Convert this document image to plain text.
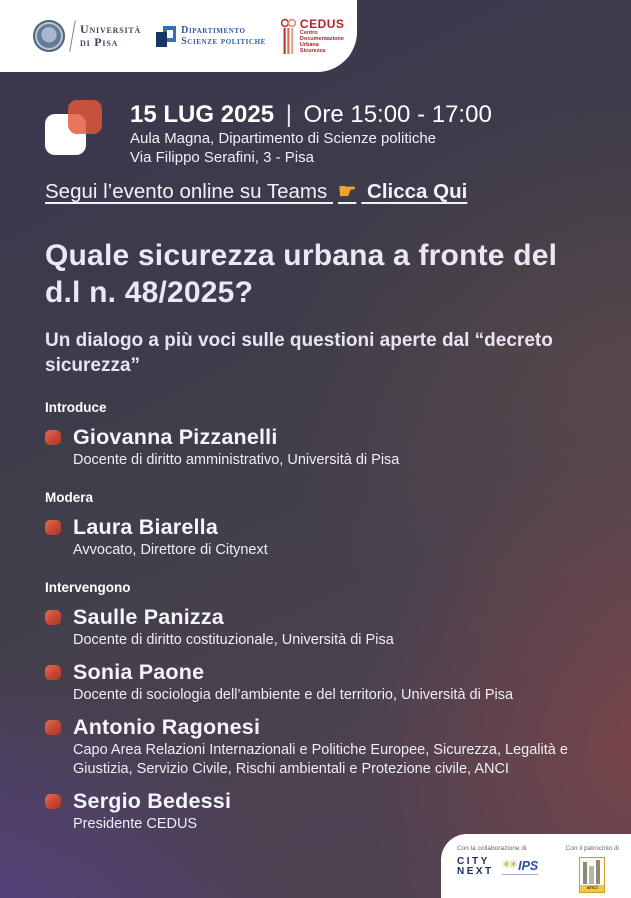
Università
di Pisa
Dipartimento
Scienze politiche
CEDUS
Centro
Documentazione
Urbana
Sicurezza
15 LUG 2025 | Ore 15:00 - 17:00
Aula Magna, Dipartimento di Scienze politiche
Via Filippo Serafini, 3 - Pisa
Segui l’evento online su Teams ☛ Clicca Qui
Quale sicurezza urbana a fronte del d.l n. 48/2025?
Un dialogo a più voci sulle questioni aperte dal “decreto sicurezza”
Introduce
Giovanna Pizzanelli
Docente di diritto amministrativo, Università di Pisa
Modera
Laura Biarella
Avvocato, Direttore di Citynext
Intervengono
Saulle Panizza
Docente di diritto costituzionale, Università di Pisa
Sonia Paone
Docente di sociologia dell’ambiente e del territorio, Università di Pisa
Antonio Ragonesi
Capo Area Relazioni Internazionali e Politiche Europee, Sicurezza, Legalità e Giustizia, Servizio Civile, Rischi ambientali e Protezione civile, ANCI
Sergio Bedessi
Presidente CEDUS
Con la collaborazione di
CITY
NEXT
✳✳ IPS
Con il patrocinio di
anci
